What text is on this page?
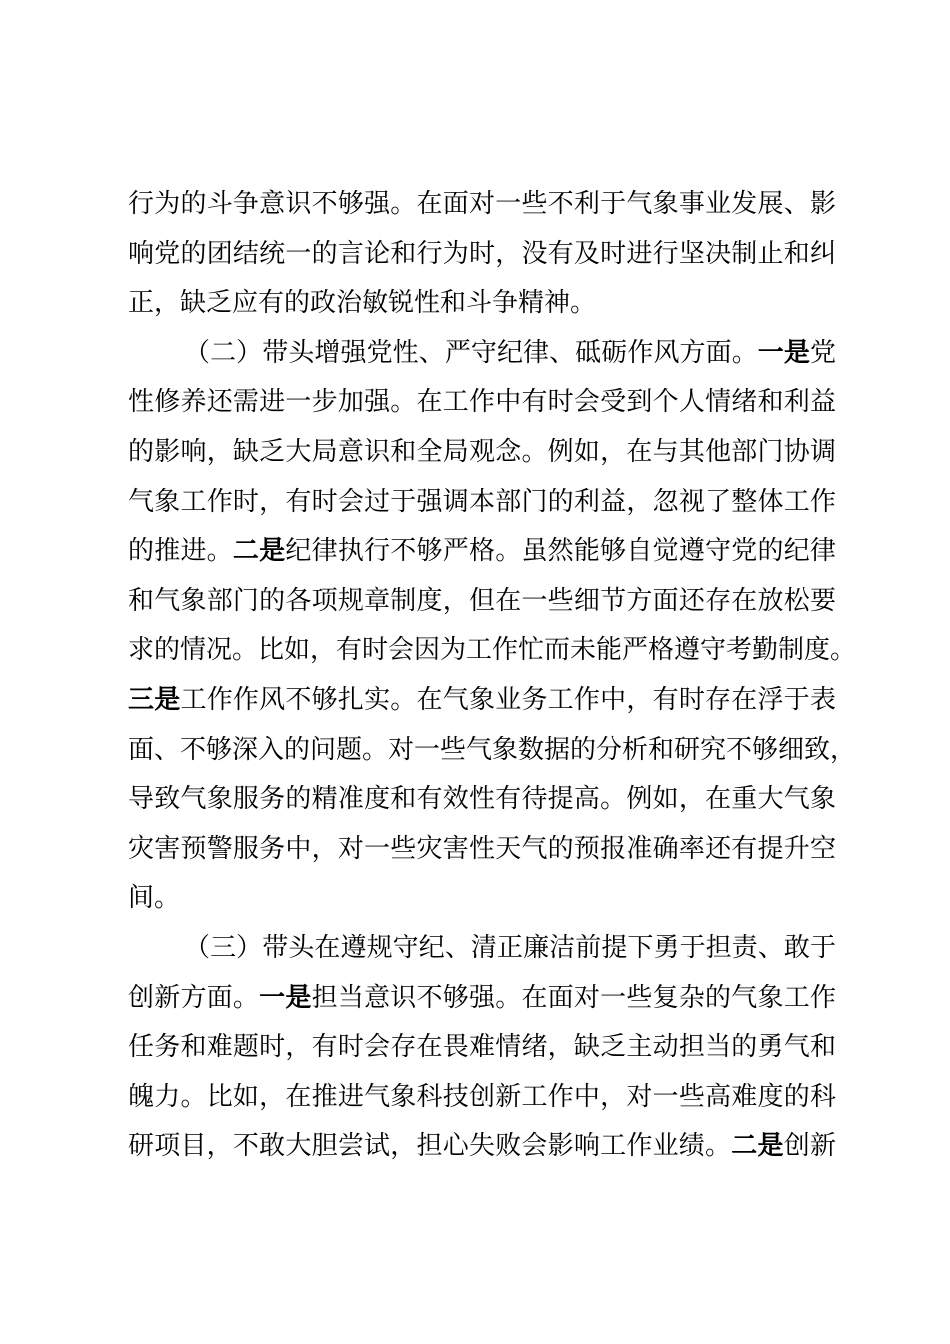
行为的斗争意识不够强。在面对一些不利于气象事业发展、影
响党的团结统一的言论和行为时，没有及时进行坚决制止和纠
正，缺乏应有的政治敏锐性和斗争精神。
（二）带头增强党性、严守纪律、砥砺作风方面。一是党
性修养还需进一步加强。在工作中有时会受到个人情绪和利益
的影响，缺乏大局意识和全局观念。例如，在与其他部门协调
气象工作时，有时会过于强调本部门的利益，忽视了整体工作
的推进。二是纪律执行不够严格。虽然能够自觉遵守党的纪律
和气象部门的各项规章制度，但在一些细节方面还存在放松要
求的情况。比如，有时会因为工作忙而未能严格遵守考勤制度。
三是工作作风不够扎实。在气象业务工作中，有时存在浮于表
面、不够深入的问题。对一些气象数据的分析和研究不够细致，
导致气象服务的精准度和有效性有待提高。例如，在重大气象
灾害预警服务中，对一些灾害性天气的预报准确率还有提升空
间。
（三）带头在遵规守纪、清正廉洁前提下勇于担责、敢于
创新方面。一是担当意识不够强。在面对一些复杂的气象工作
任务和难题时，有时会存在畏难情绪，缺乏主动担当的勇气和
魄力。比如，在推进气象科技创新工作中，对一些高难度的科
研项目，不敢大胆尝试，担心失败会影响工作业绩。二是创新
